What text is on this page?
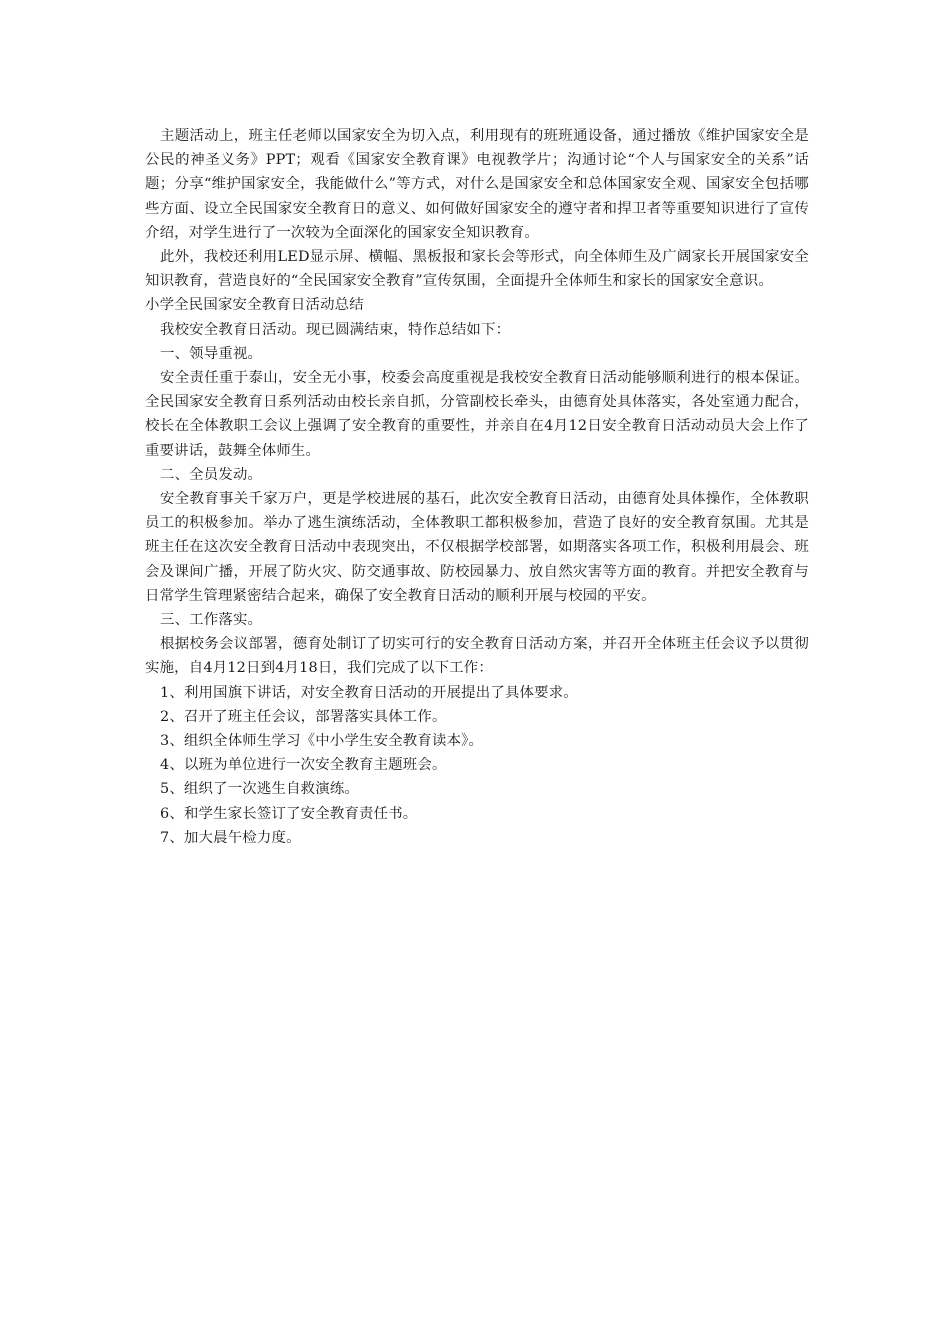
主题活动上，班主任老师以国家安全为切入点，利用现有的班班通设备，通过播放《维护国家安全是公民的神圣义务》PPT；观看《国家安全教育课》电视教学片；沟通讨论“个人与国家安全的关系”话题；分享“维护国家安全，我能做什么”等方式，对什么是国家安全和总体国家安全观、国家安全包括哪些方面、设立全民国家安全教育日的意义、如何做好国家安全的遵守者和捍卫者等重要知识进行了宣传介绍，对学生进行了一次较为全面深化的国家安全知识教育。

此外，我校还利用LED显示屏、横幅、黑板报和家长会等形式，向全体师生及广阔家长开展国家安全知识教育，营造良好的“全民国家安全教育”宣传氛围，全面提升全体师生和家长的国家安全意识。

小学全民国家安全教育日活动总结

我校安全教育日活动。现已圆满结束，特作总结如下：

一、领导重视。

安全责任重于泰山，安全无小事，校委会高度重视是我校安全教育日活动能够顺利进行的根本保证。全民国家安全教育日系列活动由校长亲自抓，分管副校长牵头，由德育处具体落实，各处室通力配合，校长在全体教职工会议上强调了安全教育的重要性，并亲自在4月12日安全教育日活动动员大会上作了重要讲话，鼓舞全体师生。

二、全员发动。

安全教育事关千家万户，更是学校进展的基石，此次安全教育日活动，由德育处具体操作，全体教职员工的积极参加。举办了逃生演练活动，全体教职工都积极参加，营造了良好的安全教育氛围。尤其是班主任在这次安全教育日活动中表现突出，不仅根据学校部署，如期落实各项工作，积极利用晨会、班会及课间广播，开展了防火灾、防交通事故、防校园暴力、放自然灾害等方面的教育。并把安全教育与日常学生管理紧密结合起来，确保了安全教育日活动的顺利开展与校园的平安。

三、工作落实。

根据校务会议部署，德育处制订了切实可行的安全教育日活动方案，并召开全体班主任会议予以贯彻实施，自4月12日到4月18日，我们完成了以下工作：

1、利用国旗下讲话，对安全教育日活动的开展提出了具体要求。

2、召开了班主任会议，部署落实具体工作。

3、组织全体师生学习《中小学生安全教育读本》。

4、以班为单位进行一次安全教育主题班会。

5、组织了一次逃生自救演练。

6、和学生家长签订了安全教育责任书。

7、加大晨午检力度。
